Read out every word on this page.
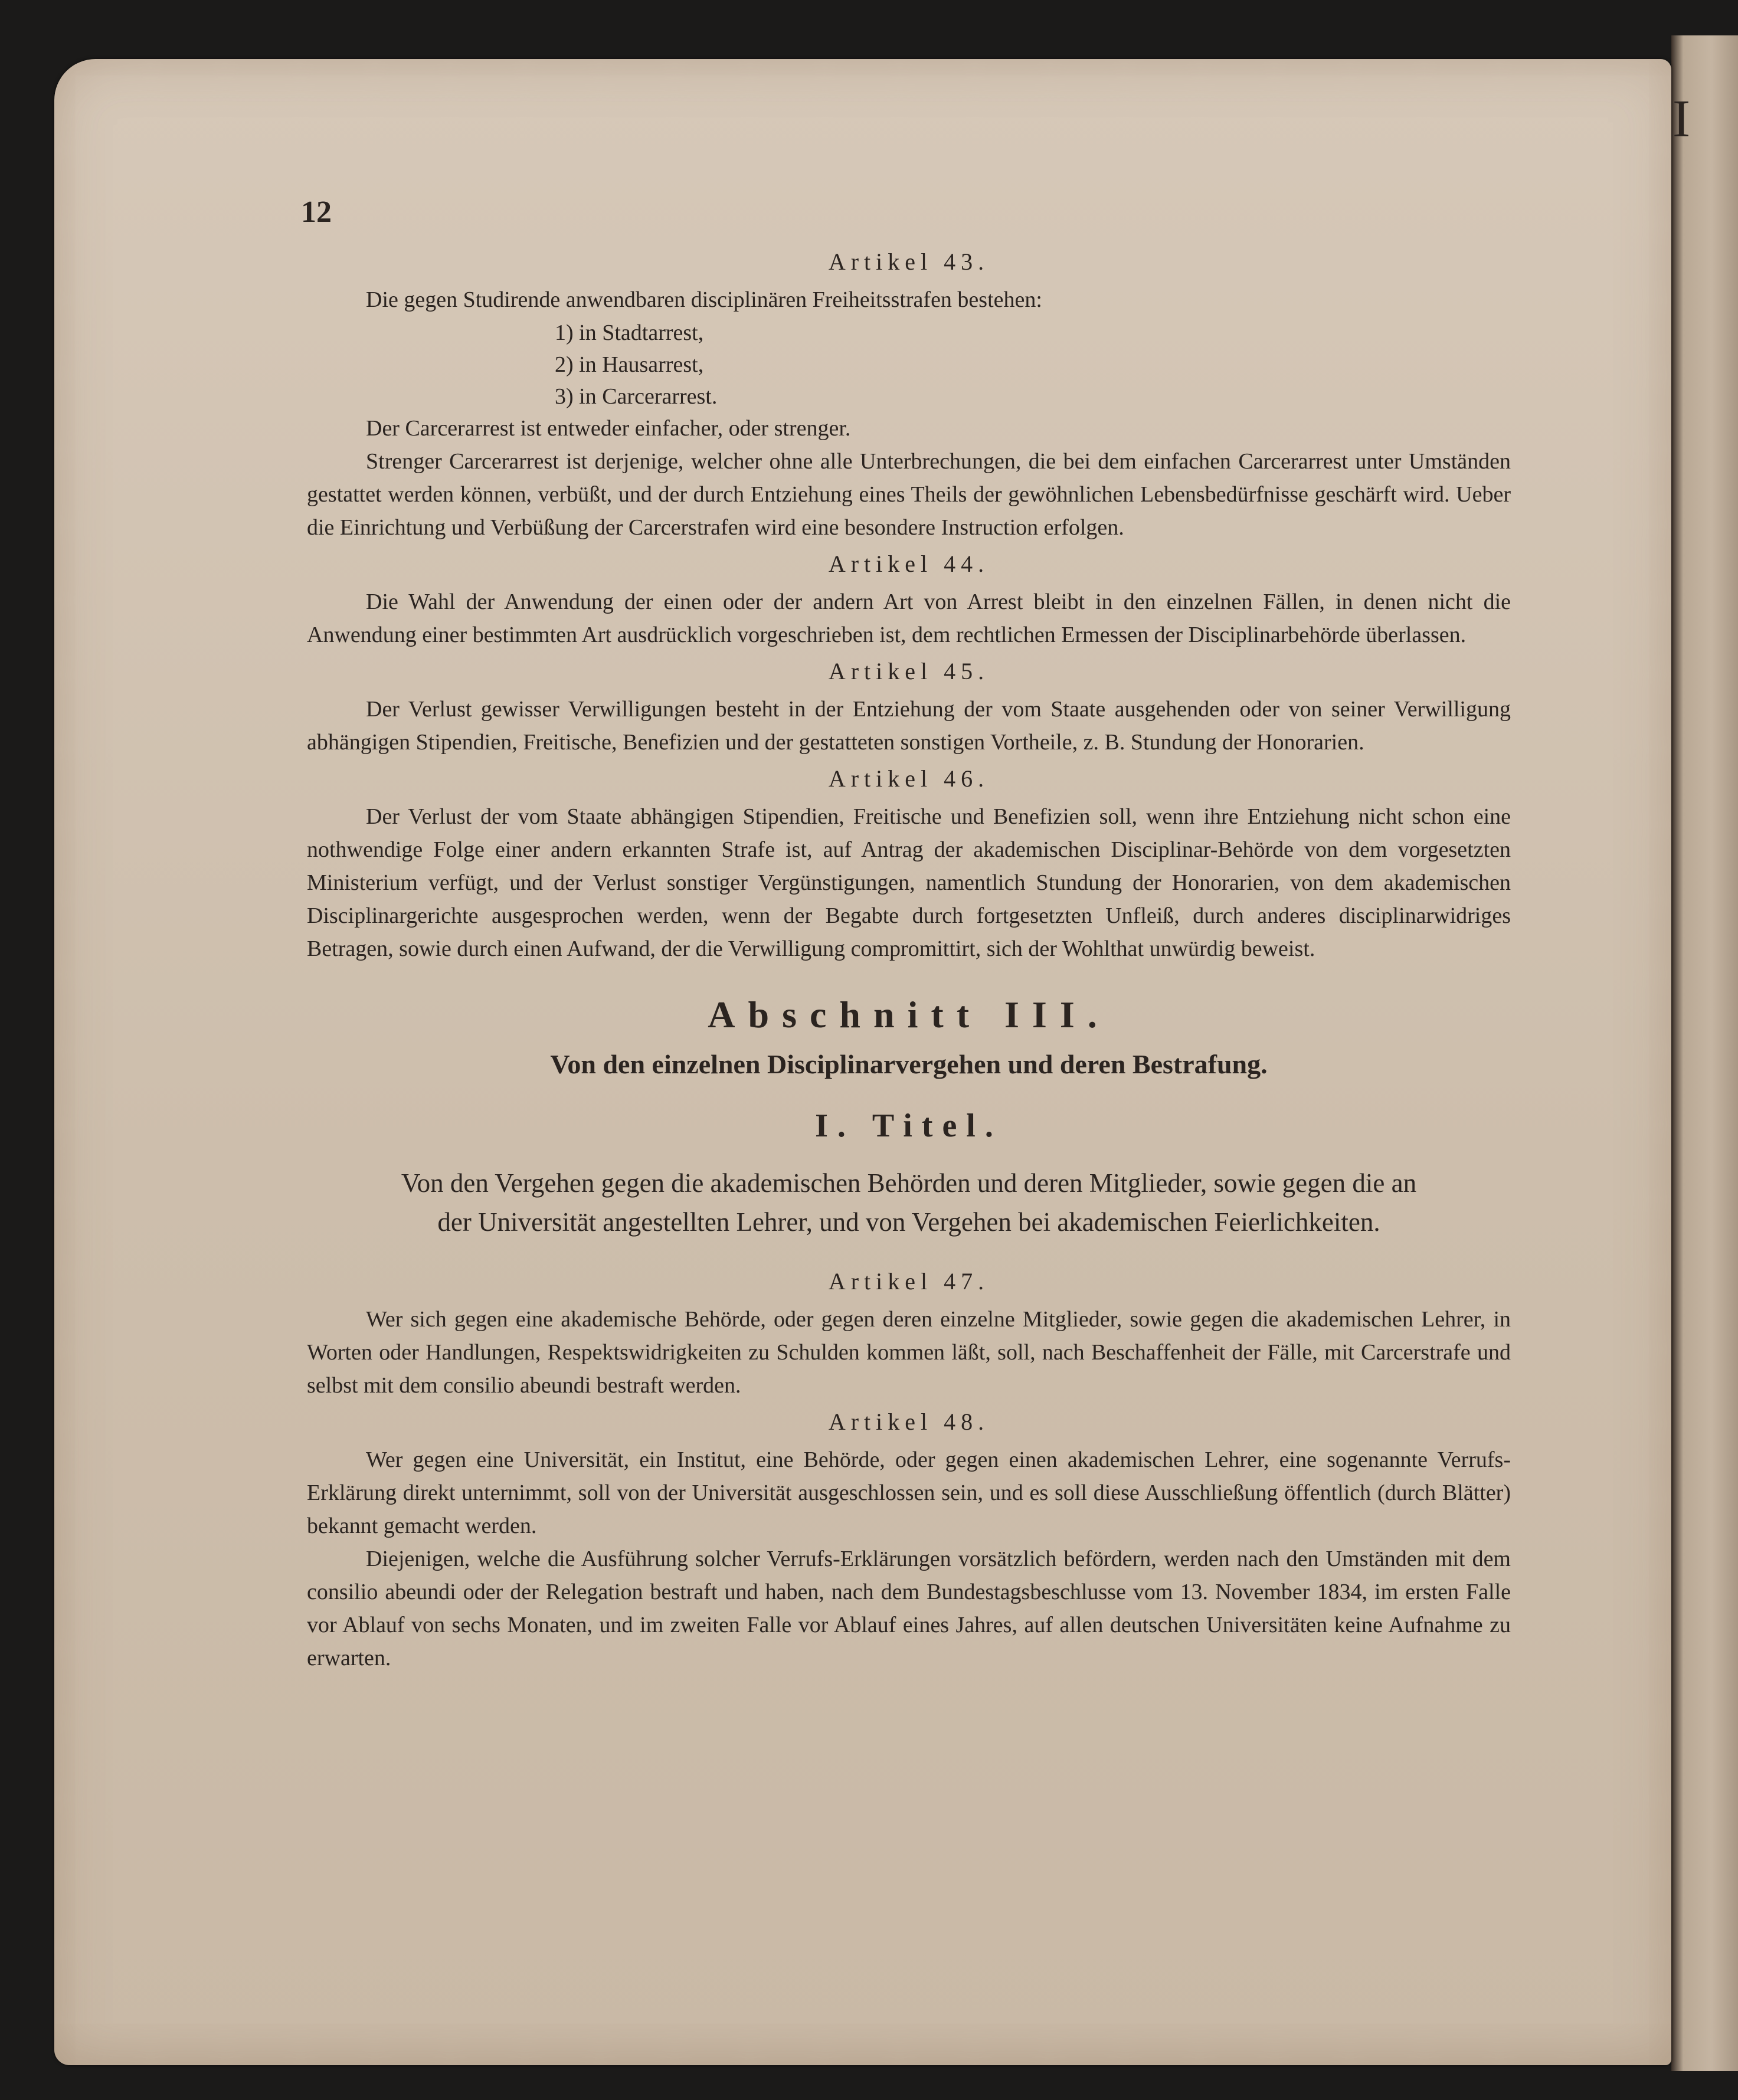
I
12
Artikel 43.

Die gegen Studirende anwendbaren disciplinären Freiheitsstrafen bestehen:

1) in Stadtarrest,
2) in Hausarrest,
3) in Carcerarrest.

Der Carcerarrest ist entweder einfacher, oder strenger.

Strenger Carcerarrest ist derjenige, welcher ohne alle Unterbrechungen, die bei dem einfachen Carcerarrest unter Umständen gestattet werden können, verbüßt, und der durch Entziehung eines Theils der gewöhnlichen Lebensbedürfnisse geschärft wird. Ueber die Einrichtung und Verbüßung der Carcerstrafen wird eine besondere Instruction erfolgen.

Artikel 44.

Die Wahl der Anwendung der einen oder der andern Art von Arrest bleibt in den einzelnen Fällen, in denen nicht die Anwendung einer bestimmten Art ausdrücklich vorgeschrieben ist, dem rechtlichen Ermessen der Disciplinarbehörde überlassen.

Artikel 45.

Der Verlust gewisser Verwilligungen besteht in der Entziehung der vom Staate ausgehenden oder von seiner Verwilligung abhängigen Stipendien, Freitische, Benefizien und der gestatteten sonstigen Vortheile, z. B. Stundung der Honorarien.

Artikel 46.

Der Verlust der vom Staate abhängigen Stipendien, Freitische und Benefizien soll, wenn ihre Entziehung nicht schon eine nothwendige Folge einer andern erkannten Strafe ist, auf Antrag der akademischen Disciplinar-Behörde von dem vorgesetzten Ministerium verfügt, und der Verlust sonstiger Vergünstigungen, namentlich Stundung der Honorarien, von dem akademischen Disciplinargerichte ausgesprochen werden, wenn der Begabte durch fortgesetzten Unfleiß, durch anderes disciplinarwidriges Betragen, sowie durch einen Aufwand, der die Verwilligung compromittirt, sich der Wohlthat unwürdig beweist.

Abschnitt III.
Von den einzelnen Disciplinarvergehen und deren Bestrafung.
I. Titel.
Von den Vergehen gegen die akademischen Behörden und deren Mitglieder, sowie gegen die an der Universität angestellten Lehrer, und von Vergehen bei akademischen Feierlichkeiten.
Artikel 47.

Wer sich gegen eine akademische Behörde, oder gegen deren einzelne Mitglieder, sowie gegen die akademischen Lehrer, in Worten oder Handlungen, Respektswidrigkeiten zu Schulden kommen läßt, soll, nach Beschaffenheit der Fälle, mit Carcerstrafe und selbst mit dem consilio abeundi bestraft werden.

Artikel 48.

Wer gegen eine Universität, ein Institut, eine Behörde, oder gegen einen akademischen Lehrer, eine sogenannte Verrufs-Erklärung direkt unternimmt, soll von der Universität ausgeschlossen sein, und es soll diese Ausschließung öffentlich (durch Blätter) bekannt gemacht werden.

Diejenigen, welche die Ausführung solcher Verrufs-Erklärungen vorsätzlich befördern, werden nach den Umständen mit dem consilio abeundi oder der Relegation bestraft und haben, nach dem Bundestagsbeschlusse vom 13. November 1834, im ersten Falle vor Ablauf von sechs Monaten, und im zweiten Falle vor Ablauf eines Jahres, auf allen deutschen Universitäten keine Aufnahme zu erwarten.
